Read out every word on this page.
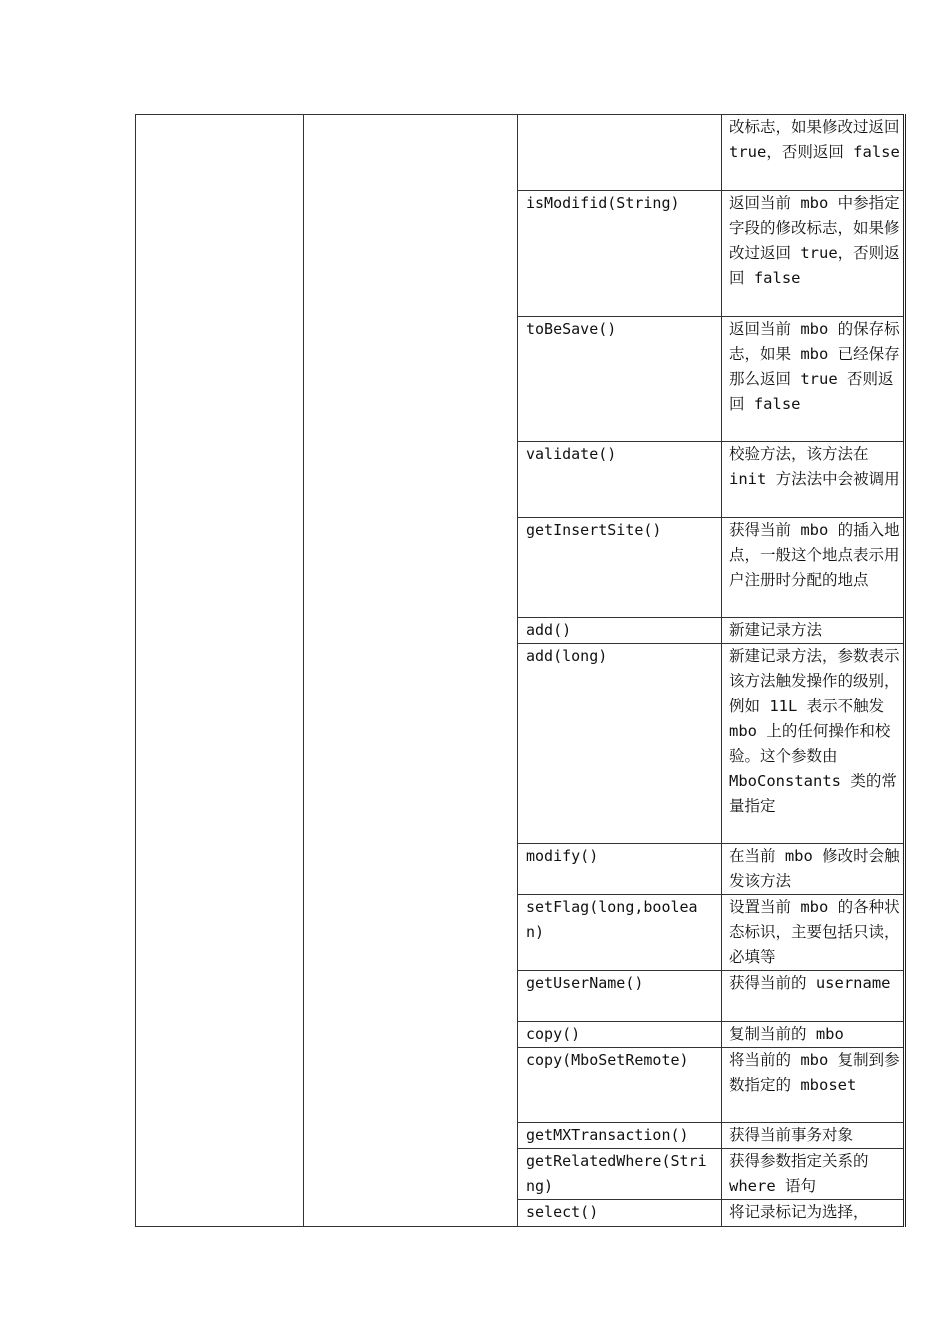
			改标志，如果修改过返回 true，否则返回 false
		isModifid(String)	返回当前 mbo 中参指定字段的修改标志，如果修改过返回 true，否则返回 false
		toBeSave()	返回当前 mbo 的保存标志，如果 mbo 已经保存那么返回 true 否则返回 false
		validate()	校验方法，该方法在 init 方法法中会被调用
		getInsertSite()	获得当前 mbo 的插入地点，一般这个地点表示用户注册时分配的地点
		add()	新建记录方法
		add(long)	新建记录方法，参数表示该方法触发操作的级别，例如 11L 表示不触发 mbo 上的任何操作和校验。这个参数由 MboConstants 类的常量指定
		modify()	在当前 mbo 修改时会触发该方法
		setFlag(long,boolean)	设置当前 mbo 的各种状态标识，主要包括只读，必填等
		getUserName()	获得当前的 username
		copy()	复制当前的 mbo
		copy(MboSetRemote)	将当前的 mbo 复制到参数指定的 mboset
		getMXTransaction()	获得当前事务对象
		getRelatedWhere(String)	获得参数指定关系的 where 语句
		select()	将记录标记为选择，
